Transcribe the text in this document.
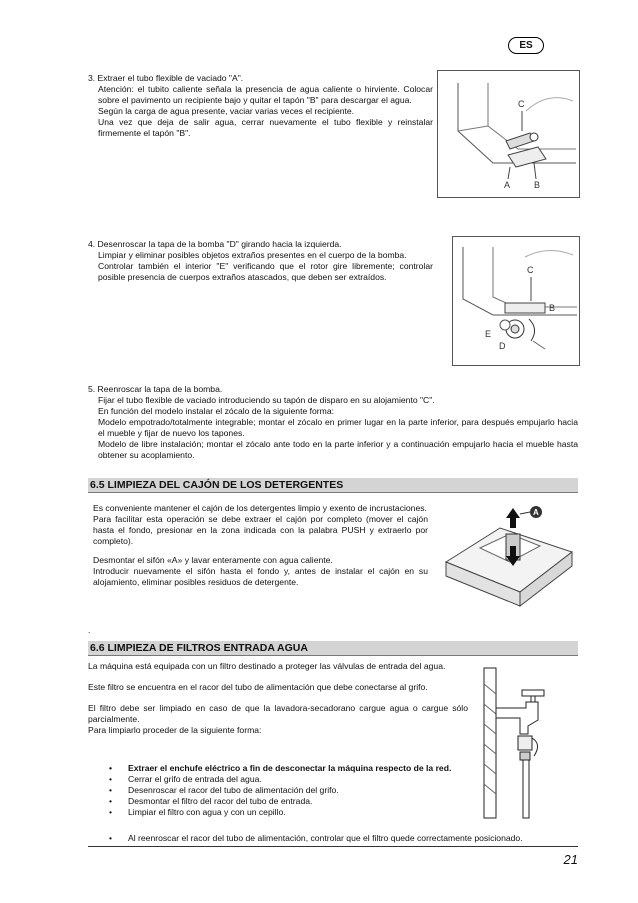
ES

3. Extraer el tubo flexible de vaciado "A".

Atención: el tubito caliente señala la presencia de agua caliente o hirviente. Colocar sobre el pavimento un recipiente bajo y quitar el tapón "B" para descargar el agua.

Según la carga de agua presente, vaciar varias veces el recipiente.

Una vez que deja de salir agua, cerrar nuevamente el tubo flexible y reinstalar firmemente el tapón "B".

C
A	B

4. Desenroscar la tapa de la bomba "D" girando hacia la izquierda.

Limpiar y eliminar posibles objetos extraños presentes en el cuerpo de la bomba.

Controlar también el interior "E" verificando que el rotor gire libremente; controlar posible presencia de cuerpos extraños atascados, que deben ser extraídos.

C
B
E
D

5. Reenroscar la tapa de la bomba.

Fijar el tubo flexible de vaciado introduciendo su tapón de disparo en su alojamiento "C".

En función del modelo instalar el zócalo de la siguiente forma:

Modelo empotrado/totalmente integrable; montar el zócalo en primer lugar en la parte inferior, para después empujarlo hacia el mueble y fijar de nuevo los tapones.

Modelo de libre instalación; montar el zócalo ante todo en la parte inferior y a continuación empujarlo hacia el mueble hasta obtener su acoplamiento.

6.5 LIMPIEZA DEL CAJÓN DE LOS DETERGENTES

Es conveniente mantener el cajón de los detergentes limpio y exento de incrustaciones.

Para facilitar esta operación se debe extraer el cajón por completo (mover el cajón hasta el fondo, presionar en la zona indicada con la palabra PUSH y extraerlo por completo).

Desmontar el sifón «A» y lavar enteramente con agua caliente.

Introducir nuevamente el sifón hasta el fondo y, antes de instalar el cajón en su alojamiento, eliminar posibles residuos de detergente.

A
.
6.6 LIMPIEZA DE FILTROS ENTRADA AGUA

La máquina está equipada con un filtro destinado a proteger las válvulas de entrada del agua.

Este filtro se encuentra en el racor del tubo de alimentación que debe conectarse al grifo.

El filtro debe ser limpiado en caso de que la lavadora-secadorano cargue agua o cargue sólo parcialmente.

Para limpiarlo proceder de la siguiente forma:

• Extraer el enchufe eléctrico a fin de desconectar la máquina respecto de la red.
• Cerrar el grifo de entrada del agua.
• Desenroscar el racor del tubo de alimentación del grifo.
• Desmontar el filtro del racor del tubo de entrada.
• Limpiar el filtro con agua y con un cepillo.
• Al reenroscar el racor del tubo de alimentación, controlar que el filtro quede correctamente posicionado.
21
